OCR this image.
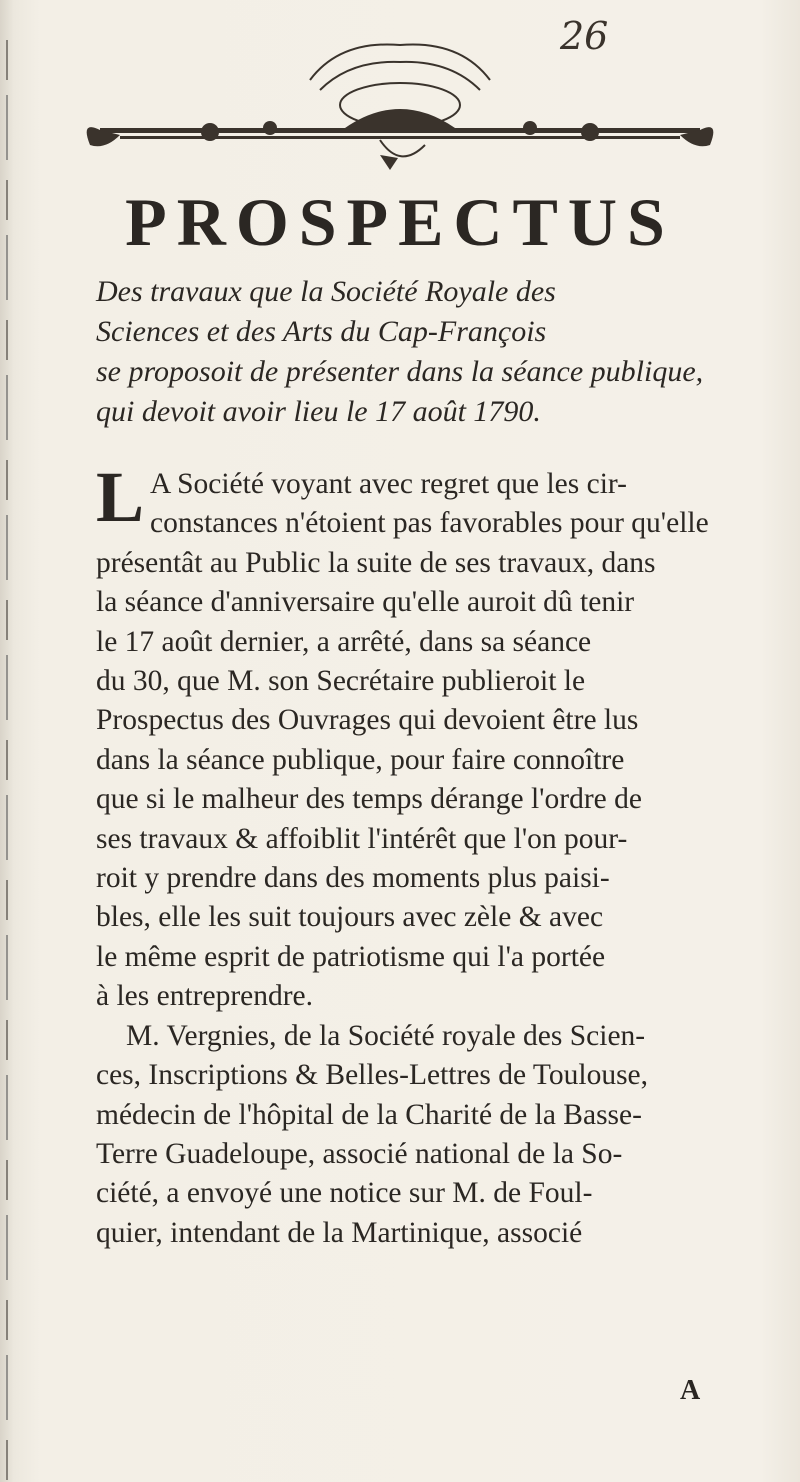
26
PROSPECTUS
Des travaux que la Société Royale des
Sciences et des Arts du Cap-François
se proposoit de présenter dans la séance publique,
qui devoit avoir lieu le 17 août 1790.
L A Société voyant avec regret que les cir-
constances n'étoient pas favorables pour qu'elle
présentât au Public la suite de ses travaux, dans
la séance d'anniversaire qu'elle auroit dû tenir
le 17 août dernier, a arrêté, dans sa séance
du 30, que M. son Secrétaire publieroit le
Prospectus des Ouvrages qui devoient être lus
dans la séance publique, pour faire connoître
que si le malheur des temps dérange l'ordre de
ses travaux & affoiblit l'intérêt que l'on pour-
roit y prendre dans des moments plus paisi-
bles, elle les suit toujours avec zèle & avec
le même esprit de patriotisme qui l'a portée
à les entreprendre.
M. Vergnies, de la Société royale des Scien-
ces, Inscriptions & Belles-Lettres de Toulouse,
médecin de l'hôpital de la Charité de la Basse-
Terre Guadeloupe, associé national de la So-
ciété, a envoyé une notice sur M. de Foul-
quier, intendant de la Martinique, associé
A
